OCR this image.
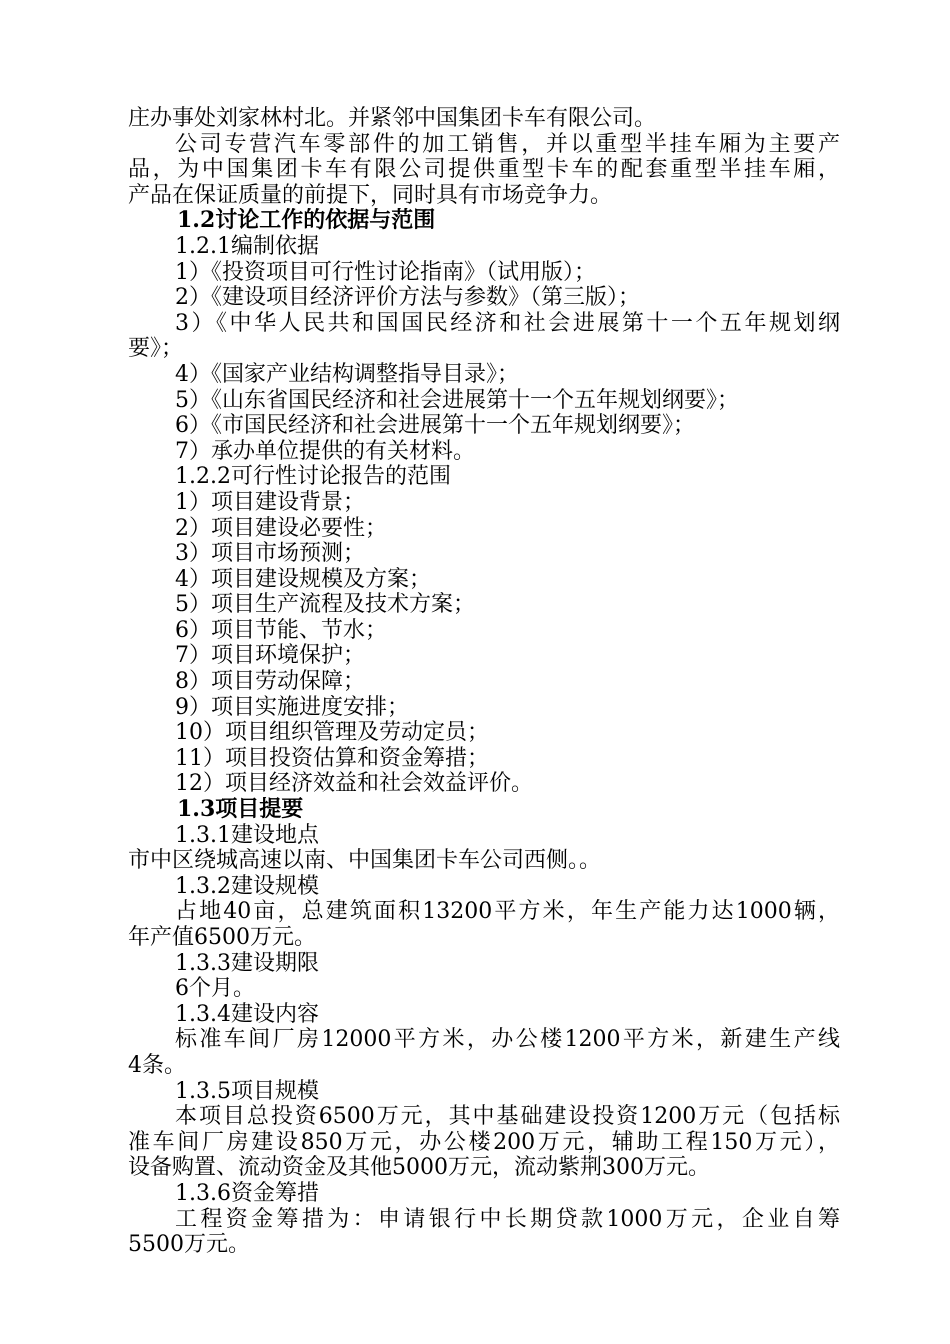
庄办事处刘家林村北。并紧邻中国集团卡车有限公司。
公司专营汽车零部件的加工销售，并以重型半挂车厢为主要产
品，为中国集团卡车有限公司提供重型卡车的配套重型半挂车厢，
产品在保证质量的前提下，同时具有市场竞争力。
1.2讨论工作的依据与范围
1.2.1编制依据
1）《投资项目可行性讨论指南》（试用版）；
2）《建设项目经济评价方法与参数》（第三版）；
3）《中华人民共和国国民经济和社会进展第十一个五年规划纲
要》；
4）《国家产业结构调整指导目录》；
5）《山东省国民经济和社会进展第十一个五年规划纲要》；
6）《市国民经济和社会进展第十一个五年规划纲要》；
7）承办单位提供的有关材料。
1.2.2可行性讨论报告的范围
1）项目建设背景；
2）项目建设必要性；
3）项目市场预测；
4）项目建设规模及方案；
5）项目生产流程及技术方案；
6）项目节能、节水；
7）项目环境保护；
8）项目劳动保障；
9）项目实施进度安排；
10）项目组织管理及劳动定员；
11）项目投资估算和资金筹措；
12）项目经济效益和社会效益评价。
1.3项目提要
1.3.1建设地点
市中区绕城高速以南、中国集团卡车公司西侧。。
1.3.2建设规模
占地40亩，总建筑面积13200平方米，年生产能力达1000辆，
年产值6500万元。
1.3.3建设期限
6个月。
1.3.4建设内容
标准车间厂房12000平方米，办公楼1200平方米，新建生产线
4条。
1.3.5项目规模
本项目总投资6500万元，其中基础建设投资1200万元（包括标
准车间厂房建设850万元，办公楼200万元，辅助工程150万元），
设备购置、流动资金及其他5000万元，流动紫荆300万元。
1.3.6资金筹措
工程资金筹措为：申请银行中长期贷款1000万元，企业自筹
5500万元。
